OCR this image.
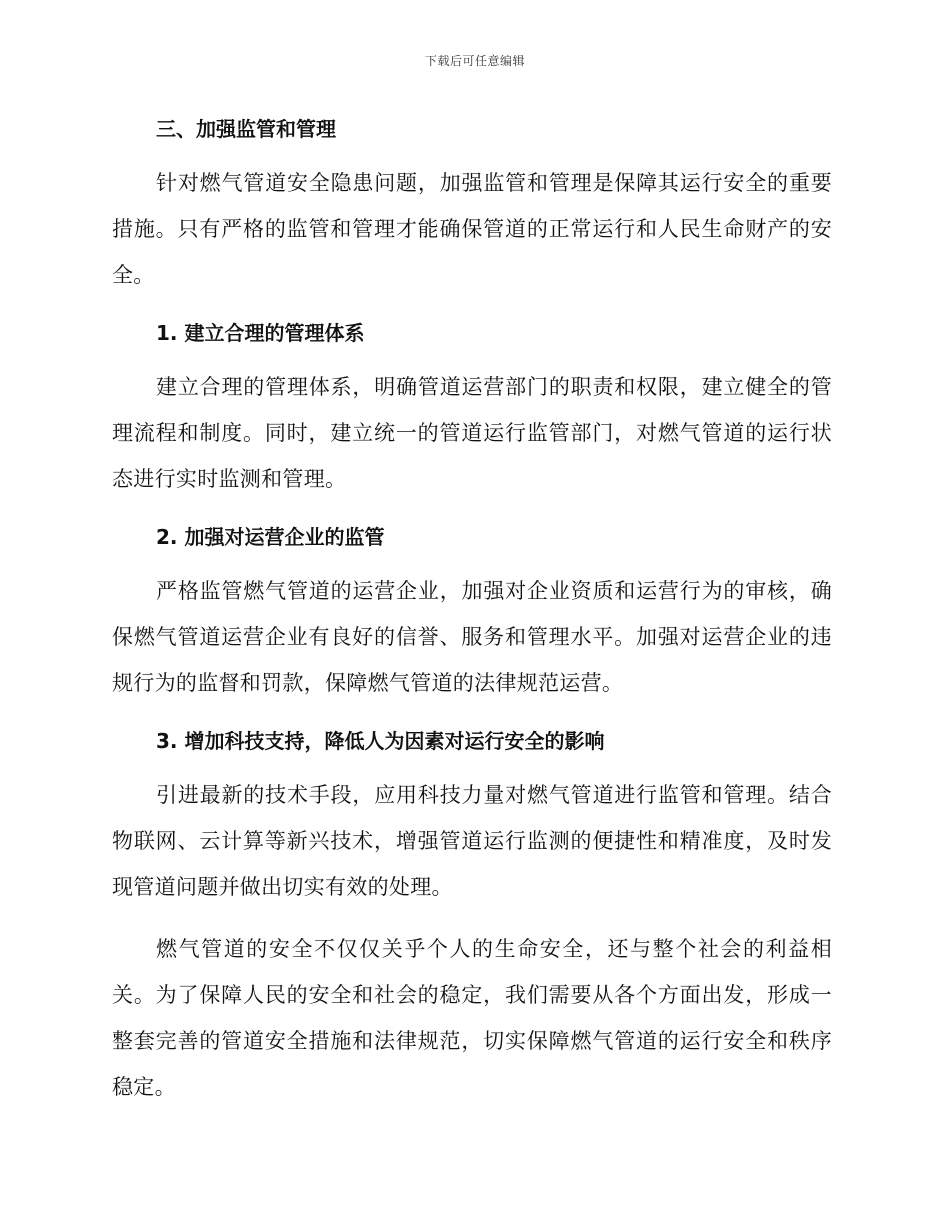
下载后可任意编辑
三、加强监管和管理

针对燃气管道安全隐患问题，加强监管和管理是保障其运行安全的重要措施。只有严格的监管和管理才能确保管道的正常运行和人民生命财产的安全。

1. 建立合理的管理体系

建立合理的管理体系，明确管道运营部门的职责和权限，建立健全的管理流程和制度。同时，建立统一的管道运行监管部门，对燃气管道的运行状态进行实时监测和管理。

2. 加强对运营企业的监管

严格监管燃气管道的运营企业，加强对企业资质和运营行为的审核，确保燃气管道运营企业有良好的信誉、服务和管理水平。加强对运营企业的违规行为的监督和罚款，保障燃气管道的法律规范运营。

3. 增加科技支持，降低人为因素对运行安全的影响

引进最新的技术手段，应用科技力量对燃气管道进行监管和管理。结合物联网、云计算等新兴技术，增强管道运行监测的便捷性和精准度，及时发现管道问题并做出切实有效的处理。

燃气管道的安全不仅仅关乎个人的生命安全，还与整个社会的利益相关。为了保障人民的安全和社会的稳定，我们需要从各个方面出发，形成一整套完善的管道安全措施和法律规范，切实保障燃气管道的运行安全和秩序稳定。
